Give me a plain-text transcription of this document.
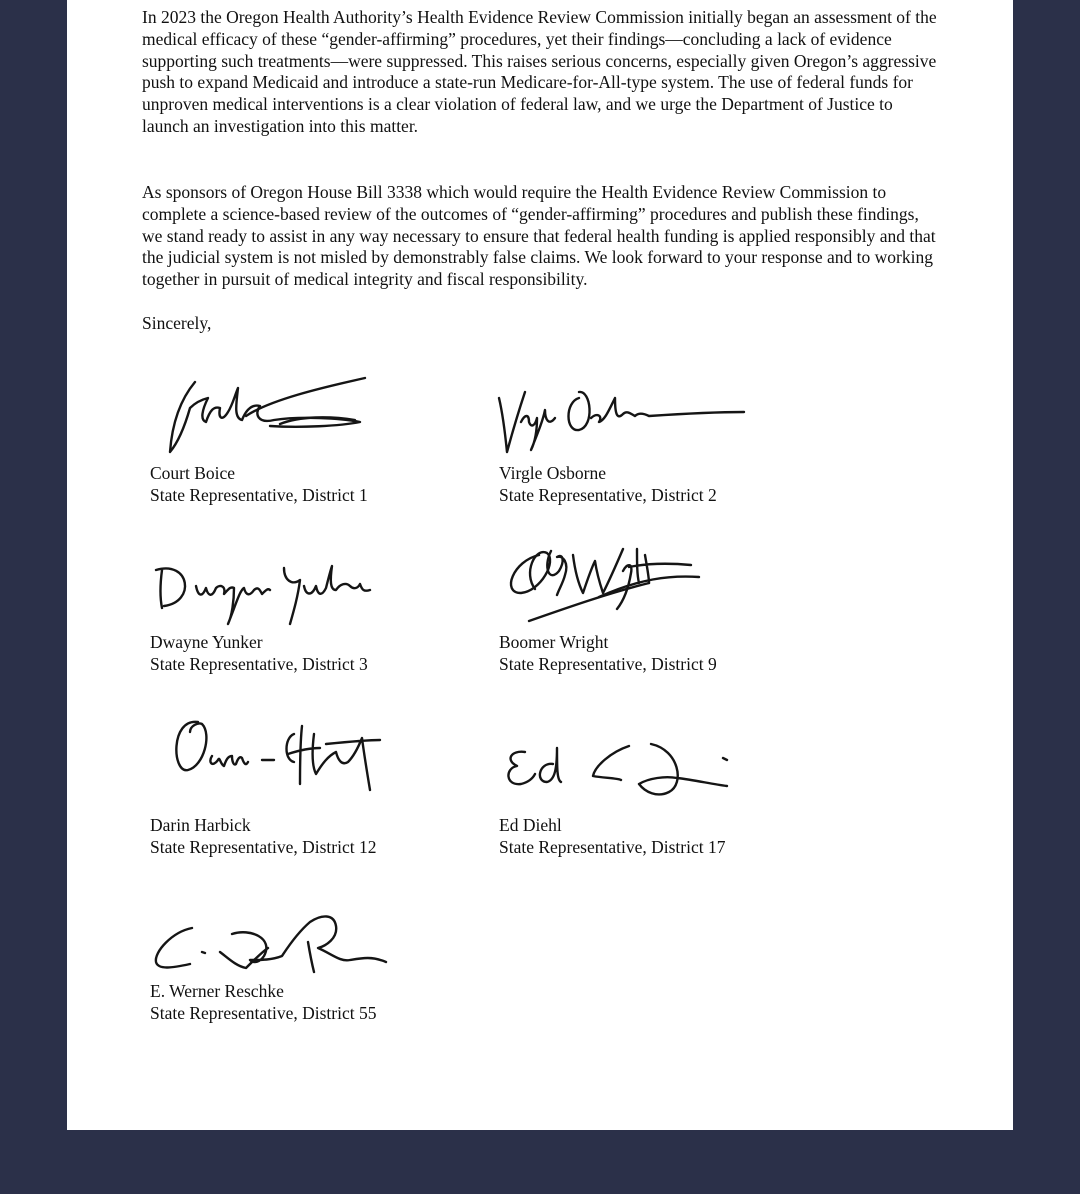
In 2023 the Oregon Health Authority’s Health Evidence Review Commission initially began an assessment of the medical efficacy of these “gender-affirming” procedures, yet their findings—concluding a lack of evidence supporting such treatments—were suppressed. This raises serious concerns, especially given Oregon’s aggressive push to expand Medicaid and introduce a state-run Medicare-for-All-type system. The use of federal funds for unproven medical interventions is a clear violation of federal law, and we urge the Department of Justice to launch an investigation into this matter.

As sponsors of Oregon House Bill 3338 which would require the Health Evidence Review Commission to complete a science-based review of the outcomes of “gender-affirming” procedures and publish these findings, we stand ready to assist in any way necessary to ensure that federal health funding is applied responsibly and that the judicial system is not misled by demonstrably false claims. We look forward to your response and to working together in pursuit of medical integrity and fiscal responsibility.

Sincerely,
Court Boice
State Representative, District 1
Virgle Osborne
State Representative, District 2
Dwayne Yunker
State Representative, District 3
Boomer Wright
State Representative, District 9
Darin Harbick
State Representative, District 12
Ed Diehl
State Representative, District 17
E. Werner Reschke
State Representative, District 55
